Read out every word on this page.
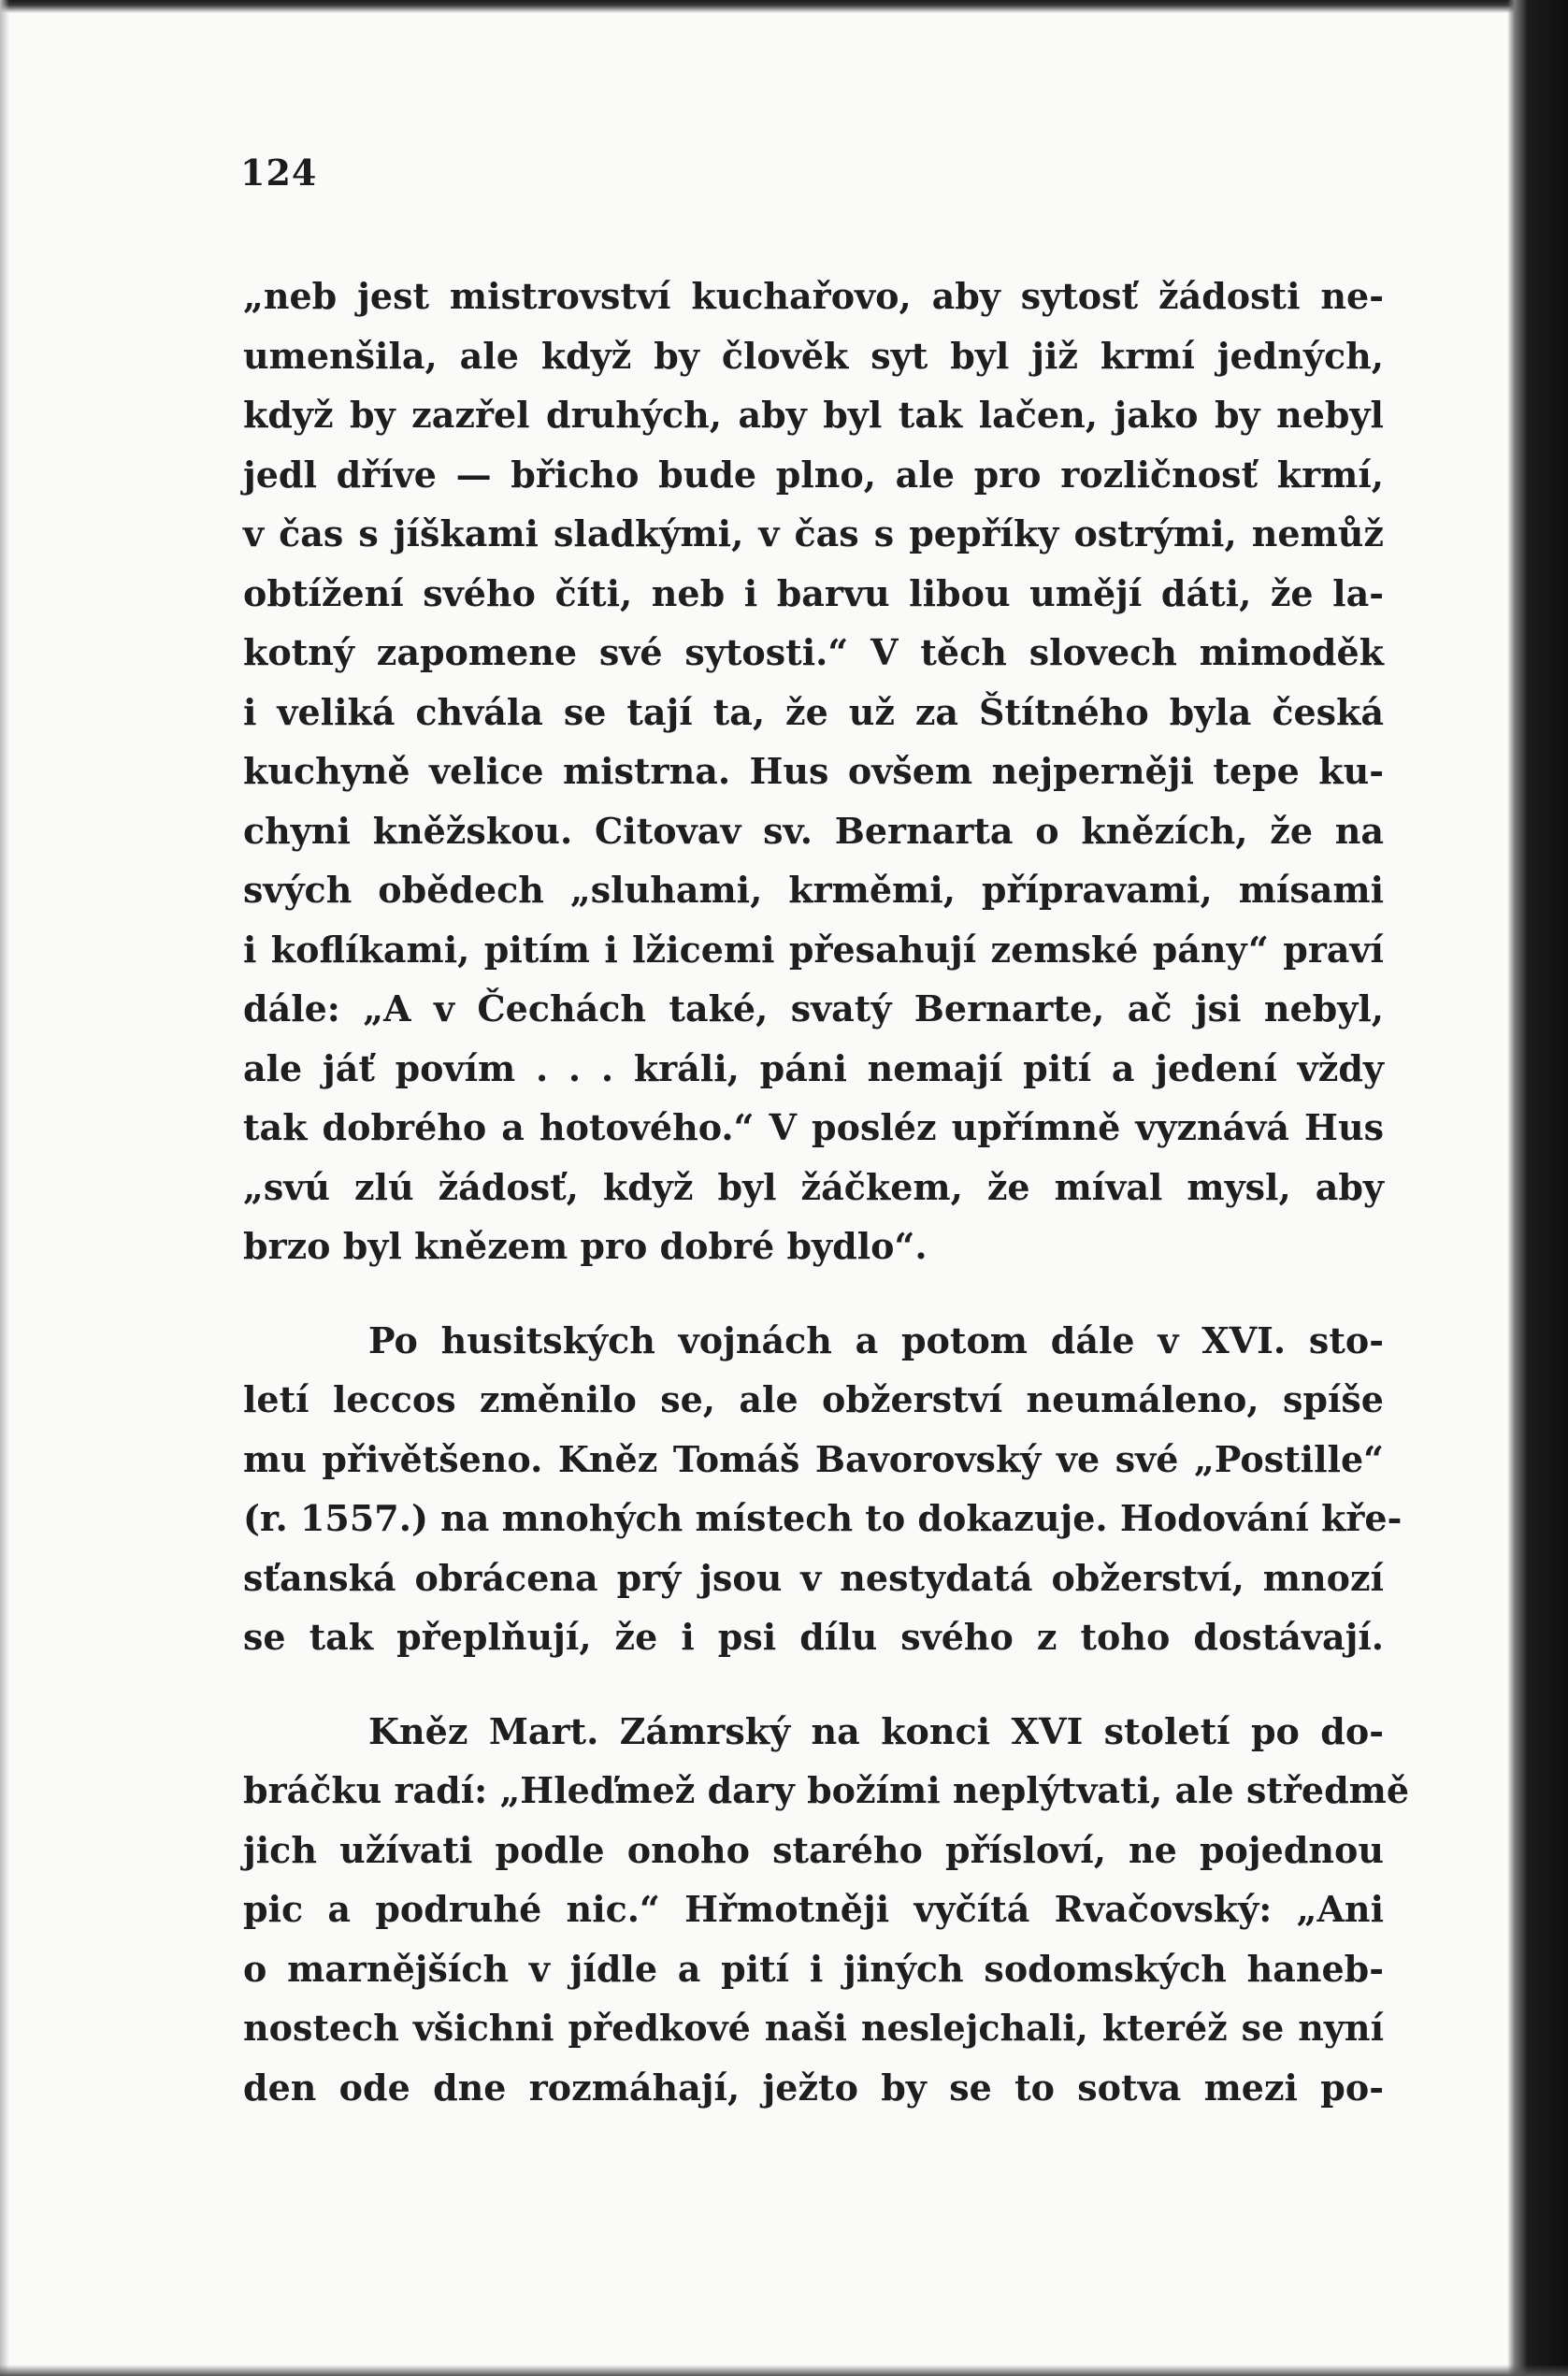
124

„neb jest mistrovství kuchařovo, aby sytosť žádosti ne-
umenšila, ale když by člověk syt byl již krmí jedných,
když by zazřel druhých, aby byl tak lačen, jako by nebyl
jedl dříve — břicho bude plno, ale pro rozličnosť krmí,
v čas s jíškami sladkými, v čas s pepříky ostrými, nemůž
obtížení svého číti, neb i barvu libou umějí dáti, že la-
kotný zapomene své sytosti.“ V těch slovech mimoděk
i veliká chvála se tají ta, že už za Štítného byla česká
kuchyně velice mistrna. Hus ovšem nejperněji tepe ku-
chyni kněžskou. Citovav sv. Bernarta o knězích, že na
svých obědech „sluhami, krměmi, přípravami, mísami
i koflíkami, pitím i lžicemi přesahují zemské pány“ praví
dále: „A v Čechách také, svatý Bernarte, ač jsi nebyl,
ale jáť povím . . . králi, páni nemají pití a jedení vždy
tak dobrého a hotového.“ V posléz upřímně vyznává Hus
„svú zlú žádosť, když byl žáčkem, že míval mysl, aby
brzo byl knězem pro dobré bydlo“.

Po husitských vojnách a potom dále v XVI. sto-
letí leccos změnilo se, ale obžerství neumáleno, spíše
mu přivětšeno. Kněz Tomáš Bavorovský ve své „Postille“
(r. 1557.) na mnohých místech to dokazuje. Hodování kře-
sťanská obrácena prý jsou v nestydatá obžerství, mnozí
se tak přeplňují, že i psi dílu svého z toho dostávají.

Kněz Mart. Zámrský na konci XVI století po do-
bráčku radí: „Hleďmež dary božími neplýtvati, ale středmě
jich užívati podle onoho starého přísloví, ne pojednou
pic a podruhé nic.“ Hřmotněji vyčítá Rvačovský: „Ani
o marnějších v jídle a pití i jiných sodomských haneb-
nostech všichni předkové naši neslejchali, kteréž se nyní
den ode dne rozmáhají, ježto by se to sotva mezi po-
